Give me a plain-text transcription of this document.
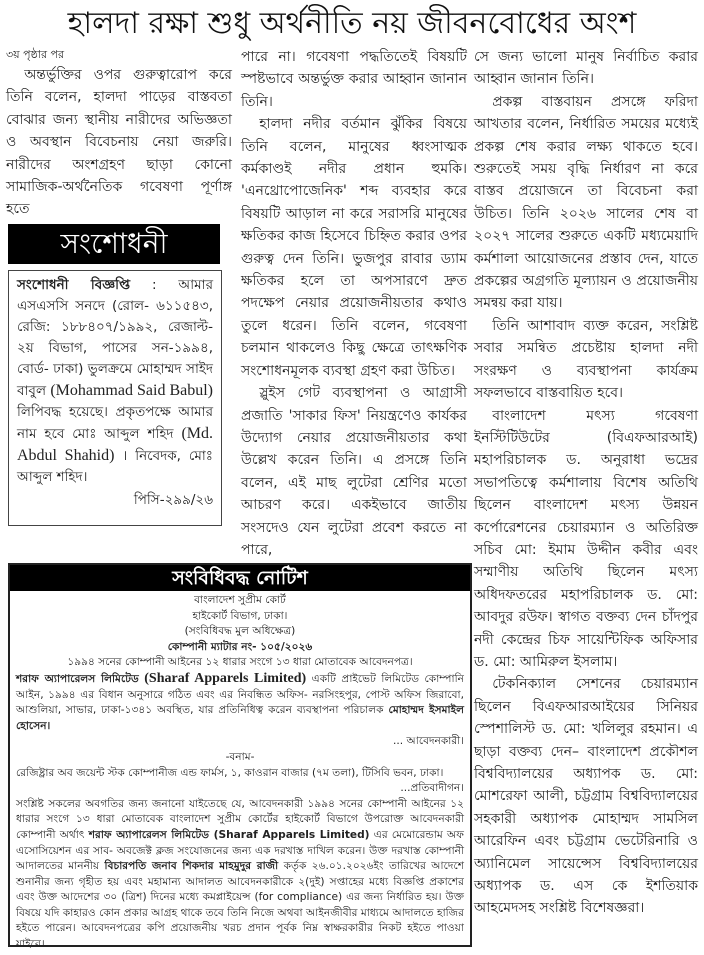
হালদা রক্ষা শুধু অর্থনীতি নয় জীবনবোধের অংশ
৩য় পৃষ্ঠার পর

অন্তর্ভুক্তির ওপর গুরুত্বারোপ করে তিনি বলেন, হালদা পাড়ের বাস্তবতা বোঝার জন্য স্থানীয় নারীদের অভিজ্ঞতা ও অবস্থান বিবেচনায় নেয়া জরুরি। নারীদের অংশগ্রহণ ছাড়া কোনো সামাজিক-অর্থনৈতিক গবেষণা পূর্ণাঙ্গ হতে

সংশোধনী
সংশোধনী বিজ্ঞপ্তি : আমার এসএসসি সনদে (রোল- ৬১১৫৪৩, রেজি: ১৮৮৪০৭/১৯৯২, রেজাল্ট- ২য় বিভাগ, পাসের সন-১৯৯৪, বোর্ড- ঢাকা) ভুলক্রমে মোহাম্মদ সাইদ বাবুল (Mohammad Said Babul) লিপিবদ্ধ হয়েছে। প্রকৃতপক্ষে আমার নাম হবে মোঃ আব্দুল শহিদ (Md. Abdul Shahid) । নিবেদক, মোঃ আব্দুল শহিদ।
পিসি-২৯৯/২৬

পারে না। গবেষণা পদ্ধতিতেই বিষয়টি স্পষ্টভাবে অন্তর্ভুক্ত করার আহ্বান জানান তিনি।

হালদা নদীর বর্তমান ঝুঁকির বিষয়ে তিনি বলেন, মানুষের ধ্বংসাত্মক কর্মকাণ্ডই নদীর প্রধান হুমকি। 'এনথ্রোপোজেনিক' শব্দ ব্যবহার করে বিষয়টি আড়াল না করে সরাসরি মানুষের ক্ষতিকর কাজ হিসেবে চিহ্নিত করার ওপর গুরুত্ব দেন তিনি। ভুজপুর রাবার ড্যাম ক্ষতিকর হলে তা অপসারণে দ্রুত পদক্ষেপ নেয়ার প্রয়োজনীয়তার কথাও তুলে ধরেন। তিনি বলেন, গবেষণা চলমান থাকলেও কিছু ক্ষেত্রে তাৎক্ষণিক সংশোধনমূলক ব্যবস্থা গ্রহণ করা উচিত।

স্লুইস গেট ব্যবস্থাপনা ও আগ্রাসী প্রজাতি 'সাকার ফিস' নিয়ন্ত্রণেও কার্যকর উদ্যোগ নেয়ার প্রয়োজনীয়তার কথা উল্লেখ করেন তিনি। এ প্রসঙ্গে তিনি বলেন, এই মাছ লুটেরা শ্রেণির মতো আচরণ করে। একইভাবে জাতীয় সংসদেও যেন লুটেরা প্রবেশ করতে না পারে,

সে জন্য ভালো মানুষ নির্বাচিত করার আহ্বান জানান তিনি।

প্রকল্প বাস্তবায়ন প্রসঙ্গে ফরিদা আখতার বলেন, নির্ধারিত সময়ের মধ্যেই প্রকল্প শেষ করার লক্ষ্য থাকতে হবে। শুরুতেই সময় বৃদ্ধি নির্ধারণ না করে বাস্তব প্রয়োজনে তা বিবেচনা করা উচিত। তিনি ২০২৬ সালের শেষ বা ২০২৭ সালের শুরুতে একটি মধ্যমেয়াদি কর্মশালা আয়োজনের প্রস্তাব দেন, যাতে প্রকল্পের অগ্রগতি মূল্যায়ন ও প্রয়োজনীয় সমন্বয় করা যায়।

তিনি আশাবাদ ব্যক্ত করেন, সংশ্লিষ্ট সবার সমন্বিত প্রচেষ্টায় হালদা নদী সংরক্ষণ ও ব্যবস্থাপনা কার্যক্রম সফলভাবে বাস্তবায়িত হবে।

বাংলাদেশ মৎস্য গবেষণা ইনস্টিটিউটের (বিএফআরআই) মহাপরিচালক ড. অনুরাধা ভদ্রের সভাপতিত্বে কর্মশালায় বিশেষ অতিথি ছিলেন বাংলাদেশ মৎস্য উন্নয়ন কর্পোরেশনের চেয়ারম্যান ও অতিরিক্ত সচিব মো: ইমাম উদ্দীন কবীর এবং সম্মাণীয় অতিথি ছিলেন মৎস্য অধিদফতরের মহাপরিচালক ড. মো: আবদুর রউফ। স্বাগত বক্তব্য দেন চাঁদপুর নদী কেন্দ্রের চিফ সায়েন্টিফিক অফিসার ড. মো: আমিরুল ইসলাম।

টেকনিক্যাল সেশনের চেয়ারম্যান ছিলেন বিএফআরআইয়ের সিনিয়র স্পেশালিস্ট ড. মো: খলিলুর রহমান। এ ছাড়া বক্তব্য দেন– বাংলাদেশ প্রকৌশল বিশ্ববিদ্যালয়ের অধ্যাপক ড. মো: মোশরেফা আলী, চট্টগ্রাম বিশ্ববিদ্যালয়ের সহকারী অধ্যাপক মোহাম্মদ সামসিল আরেফিন এবং চট্টগ্রাম ভেটেরিনারি ও অ্যানিমেল সায়েন্সেস বিশ্ববিদ্যালয়ের অধ্যাপক ড. এস কে ইশতিয়াক আহমেদসহ সংশ্লিষ্ট বিশেষজ্ঞরা।

সংবিধিবদ্ধ নোটিশ
বাংলাদেশ সুপ্রীম কোর্ট
হাইকোর্ট বিভাগ, ঢাকা।
(সংবিধিবদ্ধ মুল অধিক্ষেত্র)
কোম্পানী ম্যাটার নং- ১০৫/২০২৬
১৯৯৪ সনের কোম্পানী আইনের ১২ ধারার সংগে ১৩ ধারা মোতাবেক আবেদনপত্র।
শরাফ অ্যাপারেলস লিমিটেড (Sharaf Apparels Limited) একটি প্রাইভেট লিমিটেড কোম্পানি আইন, ১৯৯৪ এর বিধান অনুসারে গঠিত এবং এর নিবন্ধিত অফিস- নরসিংহপুর, পোস্ট অফিস জিরাবো, আশুলিয়া, সাভার, ঢাকা-১৩৪১ অবস্থিত, যার প্রতিনিধিত্ব করেন ব্যবস্থাপনা পরিচালক মোহাম্মদ ইসমাইল হোসেন।
... আবেদনকারী।
-বনাম-
রেজিষ্ট্রার অব জয়েন্ট স্টক কোম্পানীজ এন্ড ফার্মস, ১, কাওরান বাজার (৭ম তলা), টিসিবি ভবন, ঢাকা।
...প্রতিবাদীগন।
সংশ্লিষ্ট সকলের অবগতির জন্য জনানো যাইতেছে যে, আবেদনকারী ১৯৯৪ সনের কোম্পানী আইনের ১২ ধারার সংগে ১৩ ধারা মোতাবেক বাংলাদেশ সুপ্রীম কোর্টের হাইকোর্ট বিভাগে উপরোক্ত আবেদনকারী কোম্পানী অর্থাৎ শরাফ অ্যাপারেলস লিমিটেড (Sharaf Apparels Limited) এর মেমোরেন্ডাম অফ এসোসিয়েশন এর সাব- অবজেক্ট ক্লজ সংযোজনের জন্য এক দরখাস্ত দাখিল করেন। উক্ত দরখাস্ত কোম্পানী আদালতের মাননীয় বিচারপতি জনাব শিকদার মাহমুদুর রাজী কর্তৃক ২৬.০১.২০২৬ইং তারিখের আদেশে শুনানীর জন্য গৃহীত হয় এবং মহামান্য আদালত আবেদনকারীকে ২(দুই) সপ্তাহের মধ্যে বিজ্ঞপ্তি প্রকাশের এবং উক্ত আদেশের ৩০ (ত্রিশ) দিনের মধ্যে কমপ্লাইয়েন্স (for compliance) এর জন্য নির্ধারিত হয়। উক্ত বিষয়ে যদি কাহারও কোন প্রকার আগ্রহ থাকে তবে তিনি নিজে অথবা আইনজীবীর মাধ্যমে আদালতে হাজির হইতে পারেন। আবেদনপত্রের কপি প্রয়োজনীয় খরচ প্রদান পূর্বক নিম্ন স্বাক্ষরকারীর নিকট হইতে পাওয়া যাইবে।
